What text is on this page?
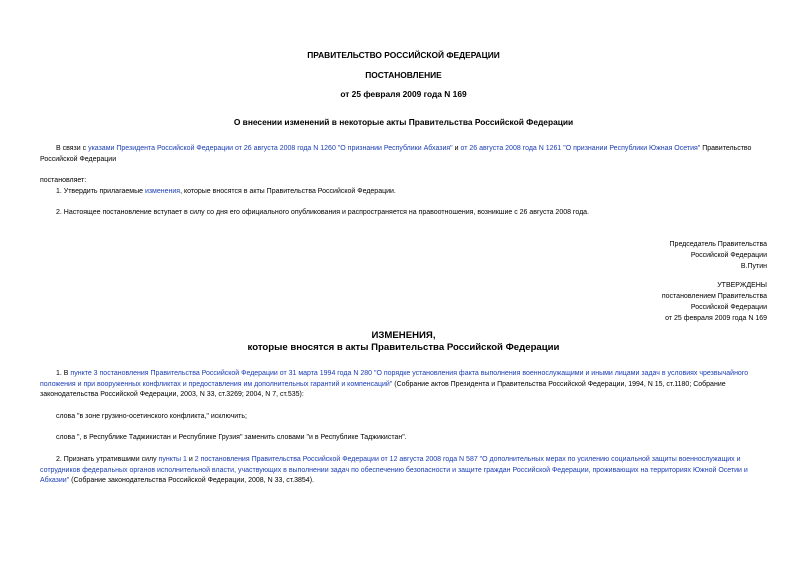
ПРАВИТЕЛЬСТВО РОССИЙСКОЙ ФЕДЕРАЦИИ
ПОСТАНОВЛЕНИЕ
от 25 февраля 2009 года N 169
О внесении изменений в некоторые акты Правительства Российской Федерации
В связи с указами Президента Российской Федерации от 26 августа 2008 года N 1260 "О признании Республики Абхазия" и от 26 августа 2008 года N 1261 "О признании Республики Южная Осетия" Правительство Российской Федерации
постановляет:
1. Утвердить прилагаемые изменения, которые вносятся в акты Правительства Российской Федерации.
2. Настоящее постановление вступает в силу со дня его официального опубликования и распространяется на правоотношения, возникшие с 26 августа 2008 года.
Председатель Правительства
Российской Федерации
В.Путин
УТВЕРЖДЕНЫ
постановлением Правительства
Российской Федерации
от 25 февраля 2009 года N 169
ИЗМЕНЕНИЯ,
которые вносятся в акты Правительства Российской Федерации
1. В пункте 3 постановления Правительства Российской Федерации от 31 марта 1994 года N 280 "О порядке установления факта выполнения военнослужащими и иными лицами задач в условиях чрезвычайного положения и при вооруженных конфликтах и предоставления им дополнительных гарантий и компенсаций" (Собрание актов Президента и Правительства Российской Федерации, 1994, N 15, ст.1180; Собрание законодательства Российской Федерации, 2003, N 33, ст.3269; 2004, N 7, ст.535):
слова "в зоне грузино-осетинского конфликта," исключить;
слова ", в Республике Таджикистан и Республике Грузия" заменить словами "и в Республике Таджикистан".
2. Признать утратившими силу пункты 1 и 2 постановления Правительства Российской Федерации от 12 августа 2008 года N 587 "О дополнительных мерах по усилению социальной защиты военнослужащих и сотрудников федеральных органов исполнительной власти, участвующих в выполнении задач по обеспечению безопасности и защите граждан Российской Федерации, проживающих на территориях Южной Осетии и Абхазии" (Собрание законодательства Российской Федерации, 2008, N 33, ст.3854).
